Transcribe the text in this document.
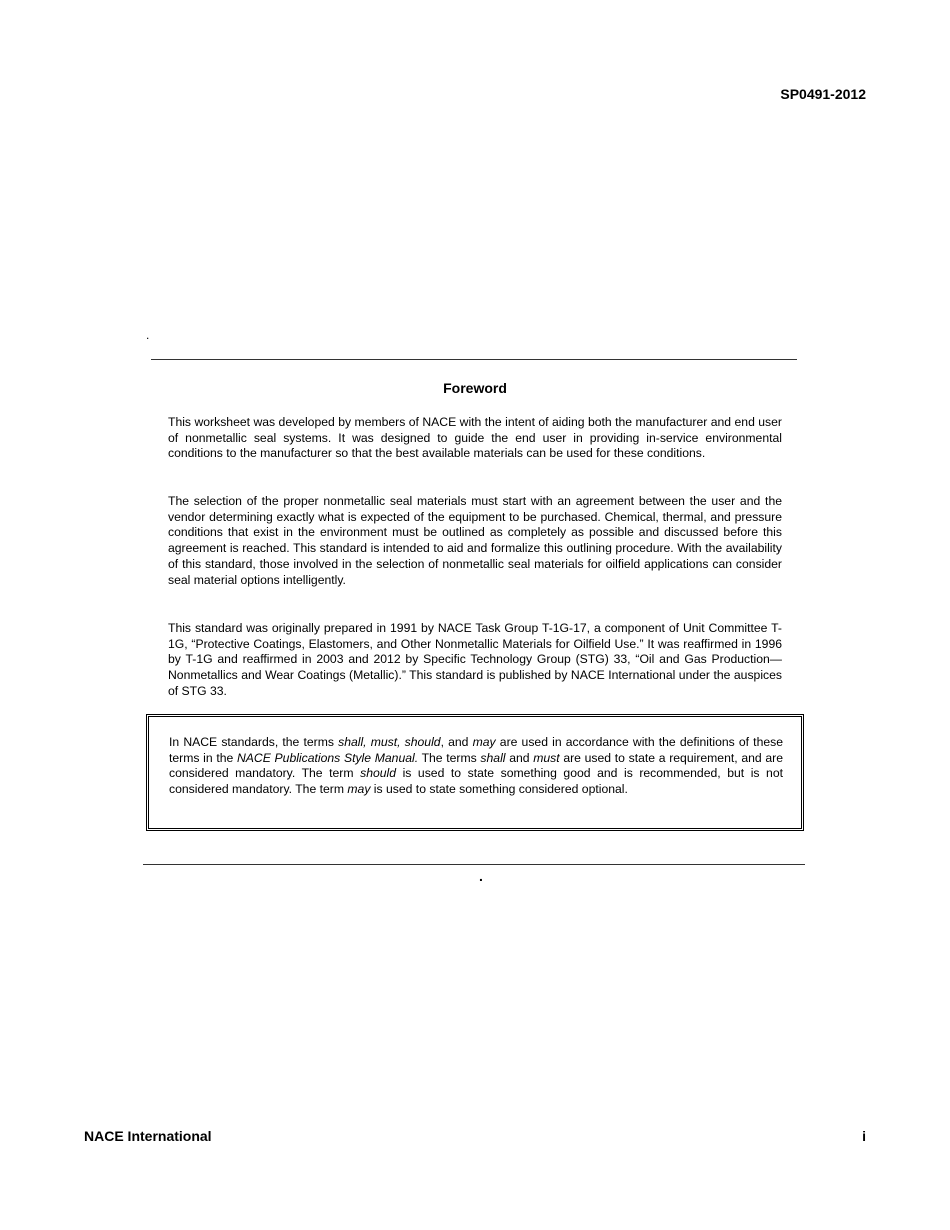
SP0491-2012
.
Foreword

This worksheet was developed by members of NACE with the intent of aiding both the manufacturer and end user of nonmetallic seal systems. It was designed to guide the end user in providing in-service environmental conditions to the manufacturer so that the best available materials can be used for these conditions.

The selection of the proper nonmetallic seal materials must start with an agreement between the user and the vendor determining exactly what is expected of the equipment to be purchased. Chemical, thermal, and pressure conditions that exist in the environment must be outlined as completely as possible and discussed before this agreement is reached. This standard is intended to aid and formalize this outlining procedure. With the availability of this standard, those involved in the selection of nonmetallic seal materials for oilfield applications can consider seal material options intelligently.

This standard was originally prepared in 1991 by NACE Task Group T-1G-17, a component of Unit Committee T-1G, “Protective Coatings, Elastomers, and Other Nonmetallic Materials for Oilfield Use.” It was reaffirmed in 1996 by T-1G and reaffirmed in 2003 and 2012 by Specific Technology Group (STG) 33, “Oil and Gas Production—Nonmetallics and Wear Coatings (Metallic).” This standard is published by NACE International under the auspices of STG 33.

In NACE standards, the terms shall, must, should, and may are used in accordance with the definitions of these terms in the NACE Publications Style Manual. The terms shall and must are used to state a requirement, and are considered mandatory. The term should is used to state something good and is recommended, but is not considered mandatory. The term may is used to state something considered optional.

.
NACE International	i
